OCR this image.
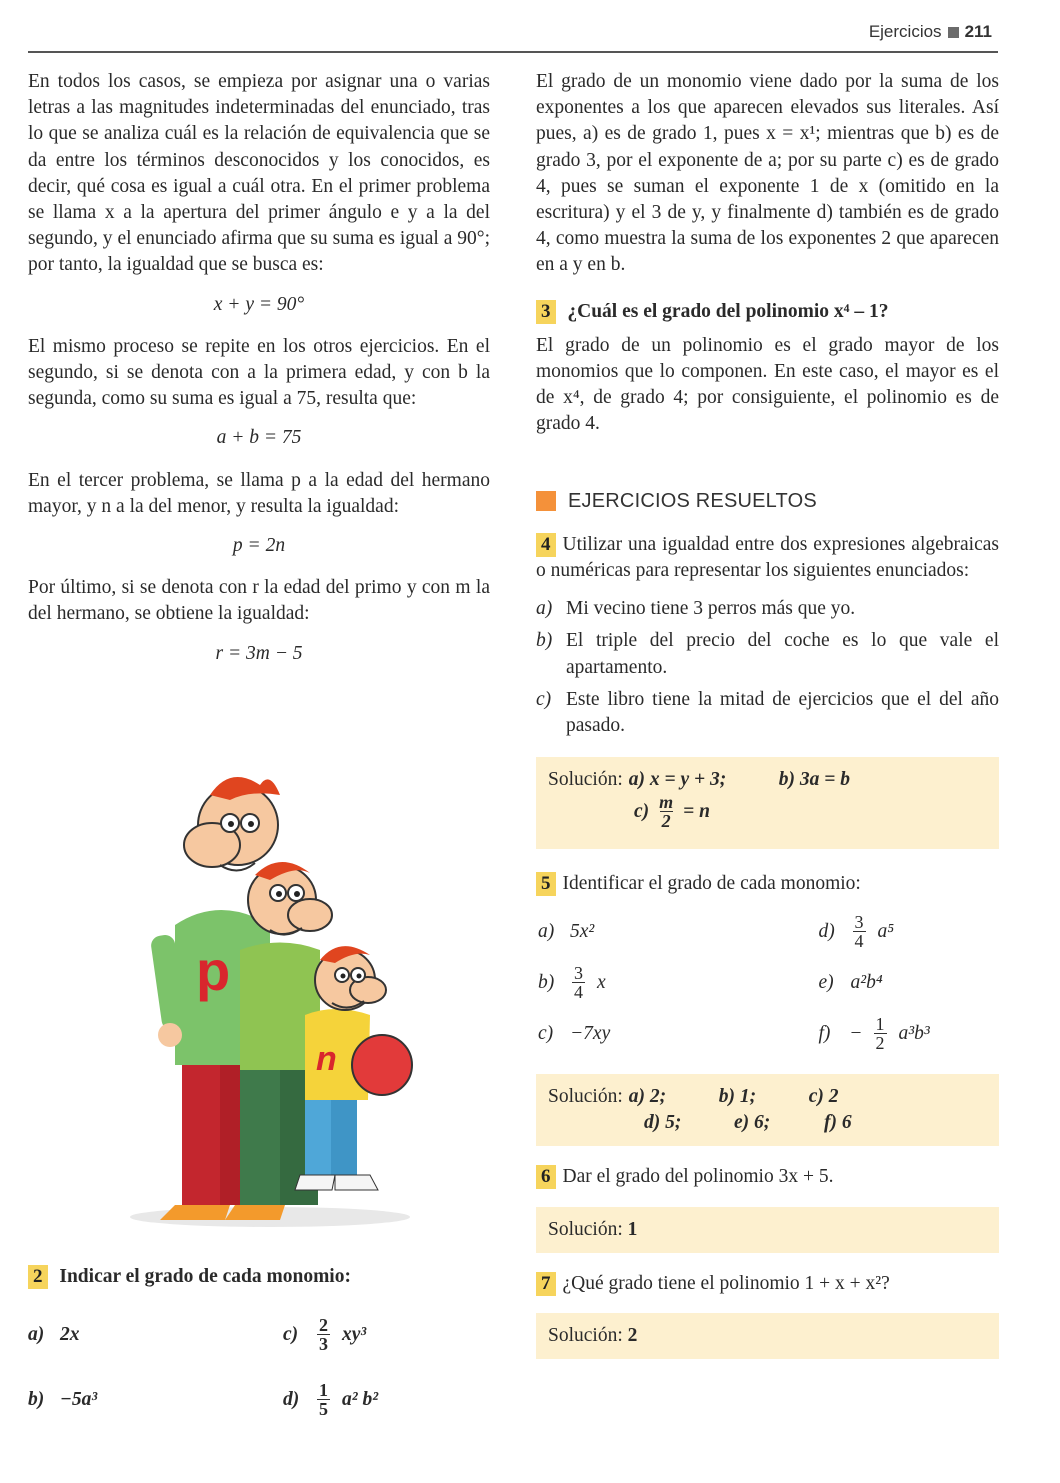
Ejercicios 211

En todos los casos, se empieza por asignar una o varias letras a las magnitudes indeterminadas del enunciado, tras lo que se analiza cuál es la relación de equivalencia que se da entre los términos desconocidos y los conocidos, es decir, qué cosa es igual a cuál otra. En el primer problema se llama x a la apertura del primer ángulo e y a la del segundo, y el enunciado afirma que su suma es igual a 90°; por tanto, la igualdad que se busca es:

x + y = 90°

El mismo proceso se repite en los otros ejercicios. En el segundo, si se denota con a la primera edad, y con b la segunda, como su suma es igual a 75, resulta que:

a + b = 75

En el tercer problema, se llama p a la edad del hermano mayor, y n a la del menor, y resulta la igualdad:

p = 2n

Por último, si se denota con r la edad del primo y con m la del hermano, se obtiene la igualdad:

r = 3m − 5
p
n
2 Indicar el grado de cada monomio:
a) 2x	c)	$\frac{2}{3} xy^3$
b) −5a³	$d) \frac{1}{5} a^2$ b²

El grado de un monomio viene dado por la suma de los exponentes a los que aparecen elevados sus literales. Así pues, a) es de grado 1, pues x = x¹; mientras que b) es de grado 3, por el exponente de a; por su parte c) es de grado 4, pues se suman el exponente 1 de x (omitido en la escritura) y el 3 de y, y finalmente d) también es de grado 4, como muestra la suma de los exponentes 2 que aparecen en a y en b.

3 ¿Cuál es el grado del polinomio x⁴ – 1?

El grado de un polinomio es el grado mayor de los monomios que lo componen. En este caso, el mayor es el de x⁴, de grado 4; por consiguiente, el polinomio es de grado 4.

EJERCICIOS RESUELTOS

4 Utilizar una igualdad entre dos expresiones algebraicas o numéricas para representar los siguientes enunciados:

a) Mi vecino tiene 3 perros más que yo.
b) El triple del precio del coche es lo que vale el apartamento.
c) Este libro tiene la mitad de ejercicios que el del año pasado.
Solución: a) x = y + 3;	b) 3a = b
$c) \frac{m}{2} = n$
5 Identificar el grado de cada monomio:
a) 5x²	$d) \frac{3}{4} a^5$
$b) \frac{3}{4}$ x	e) a²b⁴
c) −7xy	f)	− $\frac{1}{2} a^3b^3$
Solución: a) 2;	b) 1;	c) 2
d) 5;	e) 6;	f) 6
6 Dar el grado del polinomio 3x + 5.
Solución: 1
7 ¿Qué grado tiene el polinomio 1 + x + x²?
Solución: 2
